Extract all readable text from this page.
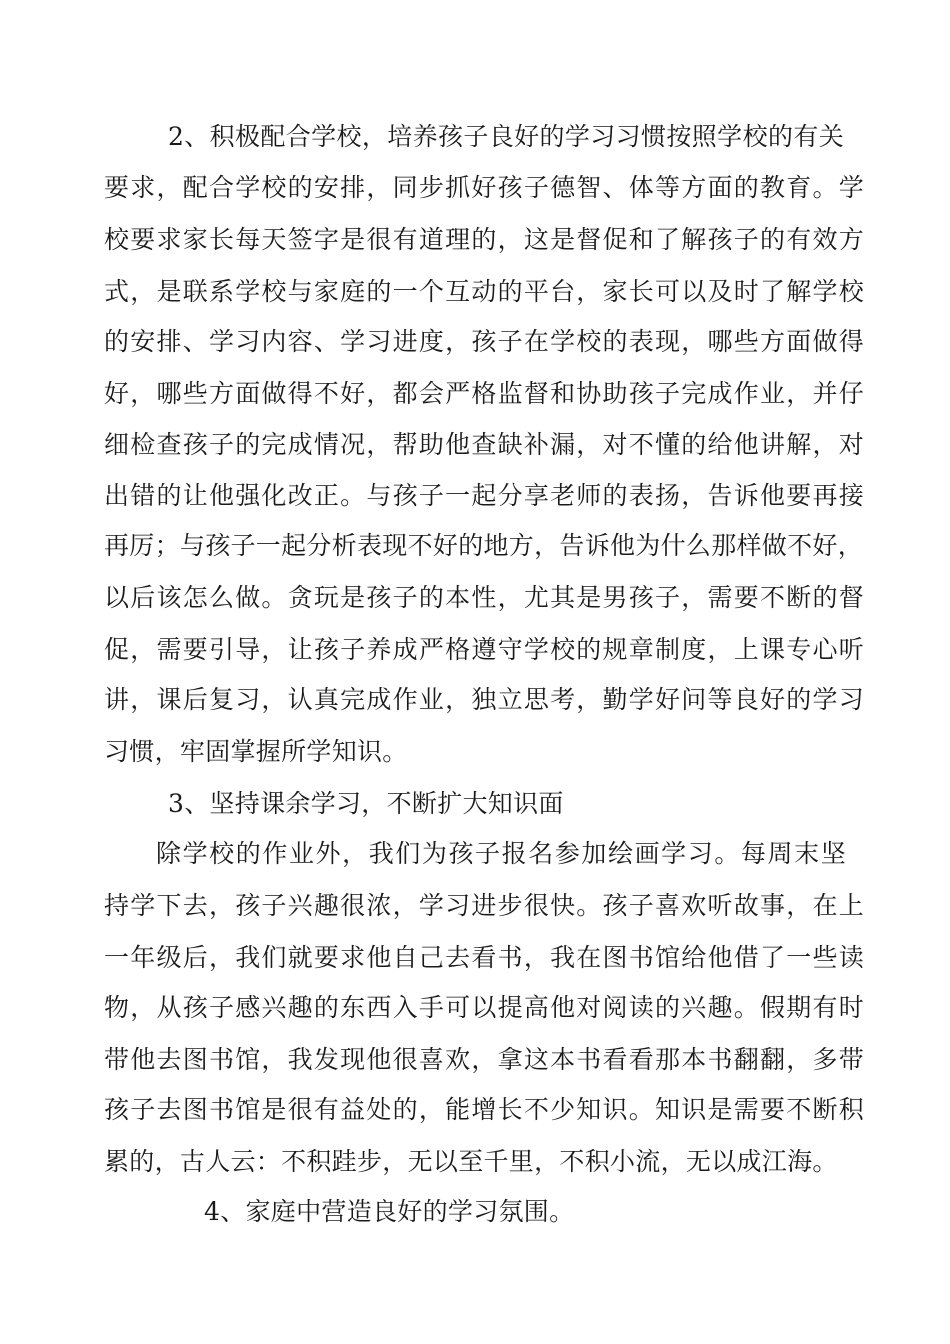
2、积极配合学校，培养孩子良好的学习习惯按照学校的有关
要求，配合学校的安排，同步抓好孩子德智、体等方面的教育。学
校要求家长每天签字是很有道理的，这是督促和了解孩子的有效方
式，是联系学校与家庭的一个互动的平台，家长可以及时了解学校
的安排、学习内容、学习进度，孩子在学校的表现，哪些方面做得
好，哪些方面做得不好，都会严格监督和协助孩子完成作业，并仔
细检查孩子的完成情况，帮助他查缺补漏，对不懂的给他讲解，对
出错的让他强化改正。与孩子一起分享老师的表扬，告诉他要再接
再厉；与孩子一起分析表现不好的地方，告诉他为什么那样做不好，
以后该怎么做。贪玩是孩子的本性，尤其是男孩子，需要不断的督
促，需要引导，让孩子养成严格遵守学校的规章制度，上课专心听
讲，课后复习，认真完成作业，独立思考，勤学好问等良好的学习
习惯，牢固掌握所学知识。
3、坚持课余学习，不断扩大知识面
除学校的作业外，我们为孩子报名参加绘画学习。每周末坚
持学下去，孩子兴趣很浓，学习进步很快。孩子喜欢听故事，在上
一年级后，我们就要求他自己去看书，我在图书馆给他借了一些读
物，从孩子感兴趣的东西入手可以提高他对阅读的兴趣。假期有时
带他去图书馆，我发现他很喜欢，拿这本书看看那本书翻翻，多带
孩子去图书馆是很有益处的，能增长不少知识。知识是需要不断积
累的，古人云：不积跬步，无以至千里，不积小流，无以成江海。
4、家庭中营造良好的学习氛围。
